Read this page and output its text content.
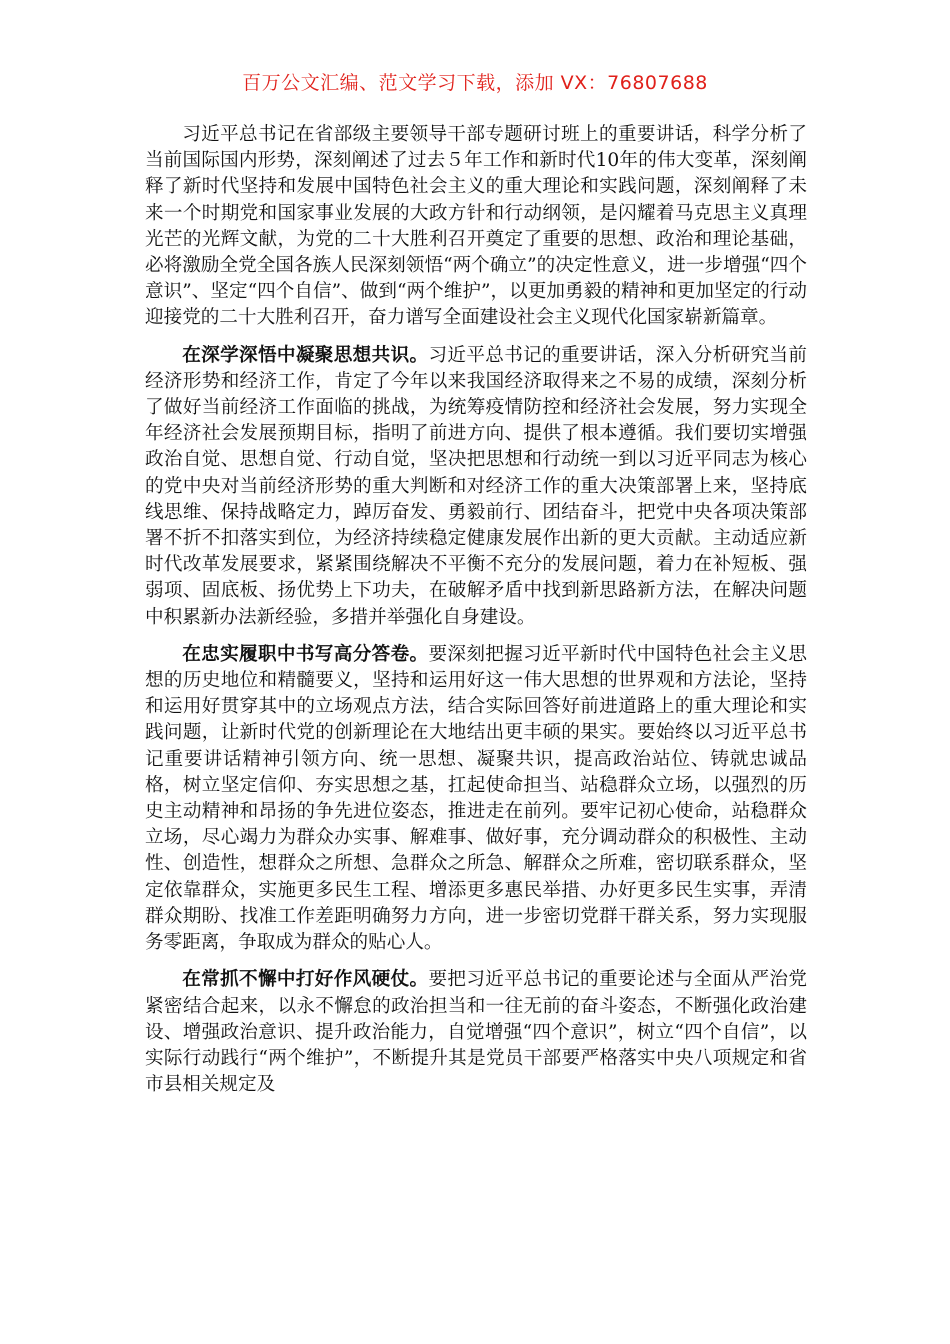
百万公文汇编、范文学习下载，添加 VX：76807688

习近平总书记在省部级主要领导干部专题研讨班上的重要讲话，科学分析了当前国际国内形势，深刻阐述了过去５年工作和新时代10年的伟大变革，深刻阐释了新时代坚持和发展中国特色社会主义的重大理论和实践问题，深刻阐释了未来一个时期党和国家事业发展的大政方针和行动纲领，是闪耀着马克思主义真理光芒的光辉文献，为党的二十大胜利召开奠定了重要的思想、政治和理论基础，必将激励全党全国各族人民深刻领悟“两个确立”的决定性意义，进一步增强“四个意识”、坚定“四个自信”、做到“两个维护”，以更加勇毅的精神和更加坚定的行动迎接党的二十大胜利召开，奋力谱写全面建设社会主义现代化国家崭新篇章。

在深学深悟中凝聚思想共识。习近平总书记的重要讲话，深入分析研究当前经济形势和经济工作，肯定了今年以来我国经济取得来之不易的成绩，深刻分析了做好当前经济工作面临的挑战，为统筹疫情防控和经济社会发展，努力实现全年经济社会发展预期目标，指明了前进方向、提供了根本遵循。我们要切实增强政治自觉、思想自觉、行动自觉，坚决把思想和行动统一到以习近平同志为核心的党中央对当前经济形势的重大判断和对经济工作的重大决策部署上来，坚持底线思维、保持战略定力，踔厉奋发、勇毅前行、团结奋斗，把党中央各项决策部署不折不扣落实到位，为经济持续稳定健康发展作出新的更大贡献。主动适应新时代改革发展要求，紧紧围绕解决不平衡不充分的发展问题，着力在补短板、强弱项、固底板、扬优势上下功夫，在破解矛盾中找到新思路新方法，在解决问题中积累新办法新经验，多措并举强化自身建设。

在忠实履职中书写高分答卷。要深刻把握习近平新时代中国特色社会主义思想的历史地位和精髓要义，坚持和运用好这一伟大思想的世界观和方法论，坚持和运用好贯穿其中的立场观点方法，结合实际回答好前进道路上的重大理论和实践问题，让新时代党的创新理论在大地结出更丰硕的果实。要始终以习近平总书记重要讲话精神引领方向、统一思想、凝聚共识，提高政治站位、铸就忠诚品格，树立坚定信仰、夯实思想之基，扛起使命担当、站稳群众立场，以强烈的历史主动精神和昂扬的争先进位姿态，推进走在前列。要牢记初心使命，站稳群众立场，尽心竭力为群众办实事、解难事、做好事，充分调动群众的积极性、主动性、创造性，想群众之所想、急群众之所急、解群众之所难，密切联系群众，坚定依靠群众，实施更多民生工程、增添更多惠民举措、办好更多民生实事，弄清群众期盼、找准工作差距明确努力方向，进一步密切党群干群关系，努力实现服务零距离，争取成为群众的贴心人。

在常抓不懈中打好作风硬仗。要把习近平总书记的重要论述与全面从严治党紧密结合起来，以永不懈怠的政治担当和一往无前的奋斗姿态，不断强化政治建设、增强政治意识、提升政治能力，自觉增强“四个意识”，树立“四个自信”，以实际行动践行“两个维护”，不断提升其是党员干部要严格落实中央八项规定和省市县相关规定及
